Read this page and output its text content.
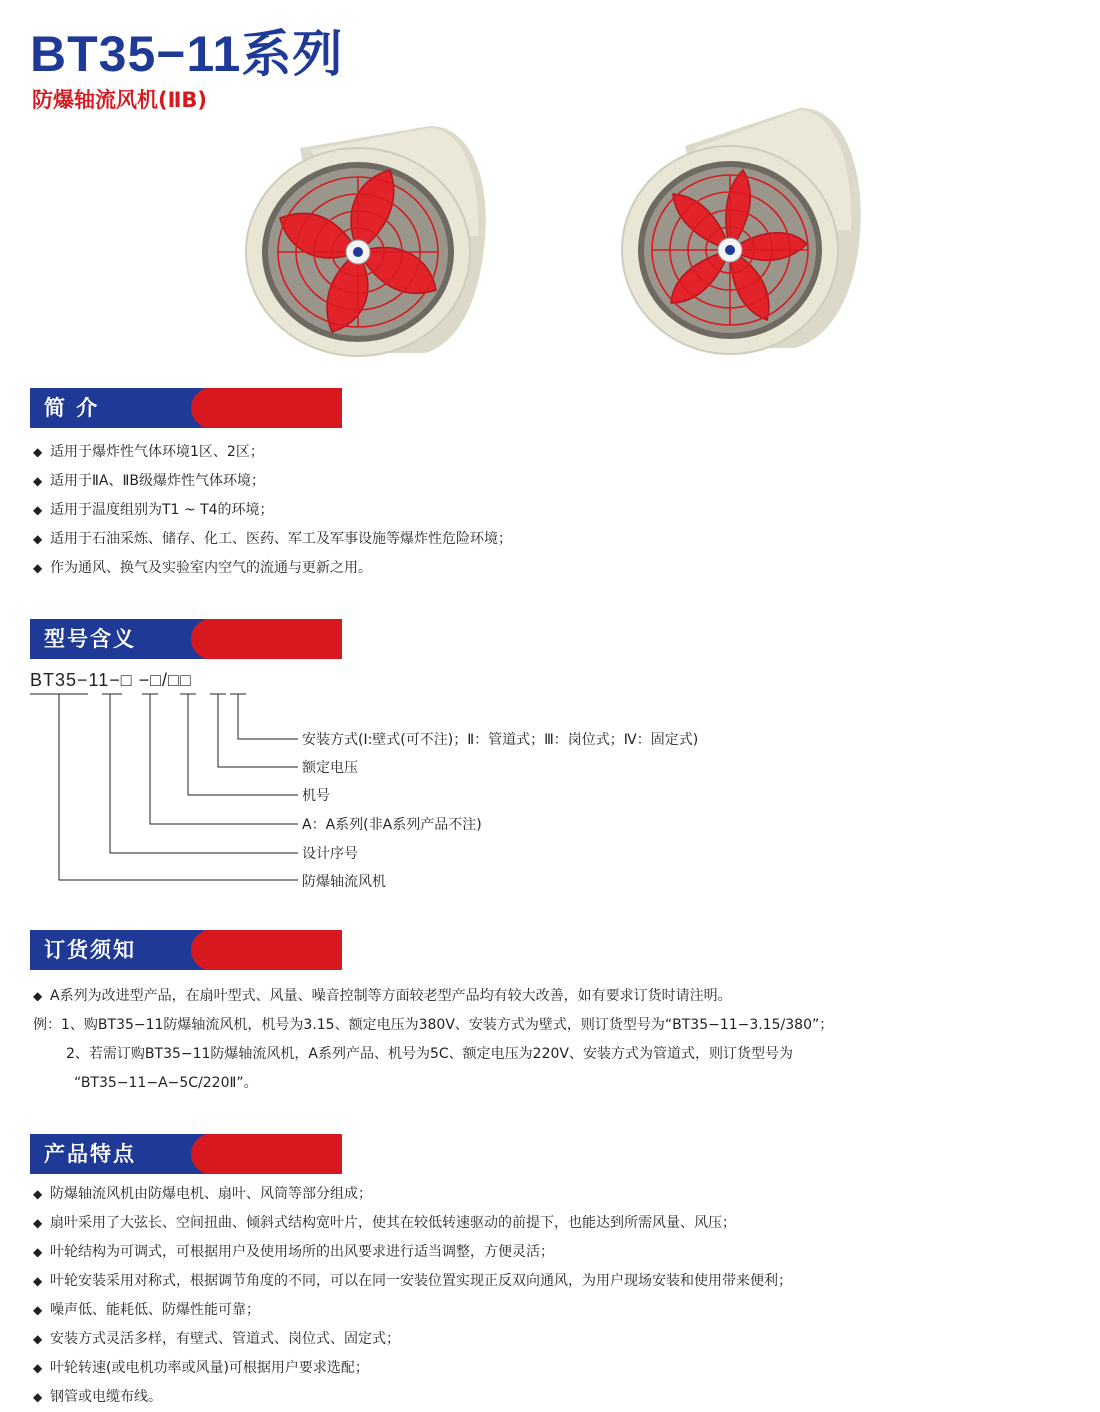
BT35−11系列
防爆轴流风机(ⅡB)
简 介
◆ 适用于爆炸性气体环境1区、2区；
◆ 适用于ⅡA、ⅡB级爆炸性气体环境；
◆ 适用于温度组别为T1 ~ T4的环境；
◆ 适用于石油采炼、储存、化工、医药、军工及军事设施等爆炸性危险环境；
◆ 作为通风、换气及实验室内空气的流通与更新之用。
型号含义
BT35−11−□ −□/□□
安装方式(Ⅰ:壁式(可不注)；Ⅱ：管道式；Ⅲ：岗位式；Ⅳ：固定式)
额定电压
机号
A：A系列(非A系列产品不注)
设计序号
防爆轴流风机
订货须知
◆ A系列为改进型产品，在扇叶型式、风量、噪音控制等方面较老型产品均有较大改善，如有要求订货时请注明。
例：1、购BT35−11防爆轴流风机，机号为3.15、额定电压为380V、安装方式为壁式，则订货型号为“BT35−11−3.15/380”；
2、若需订购BT35−11防爆轴流风机，A系列产品、机号为5C、额定电压为220V、安装方式为管道式，则订货型号为
“BT35−11−A−5C/220Ⅱ”。
产品特点
◆ 防爆轴流风机由防爆电机、扇叶、风筒等部分组成；
◆ 扇叶采用了大弦长、空间扭曲、倾斜式结构宽叶片，使其在较低转速驱动的前提下，也能达到所需风量、风压；
◆ 叶轮结构为可调式，可根据用户及使用场所的出风要求进行适当调整，方便灵活；
◆ 叶轮安装采用对称式，根据调节角度的不同，可以在同一安装位置实现正反双向通风，为用户现场安装和使用带来便利；
◆ 噪声低、能耗低、防爆性能可靠；
◆ 安装方式灵活多样，有壁式、管道式、岗位式、固定式；
◆ 叶轮转速(或电机功率或风量)可根据用户要求选配；
◆ 钢管或电缆布线。
